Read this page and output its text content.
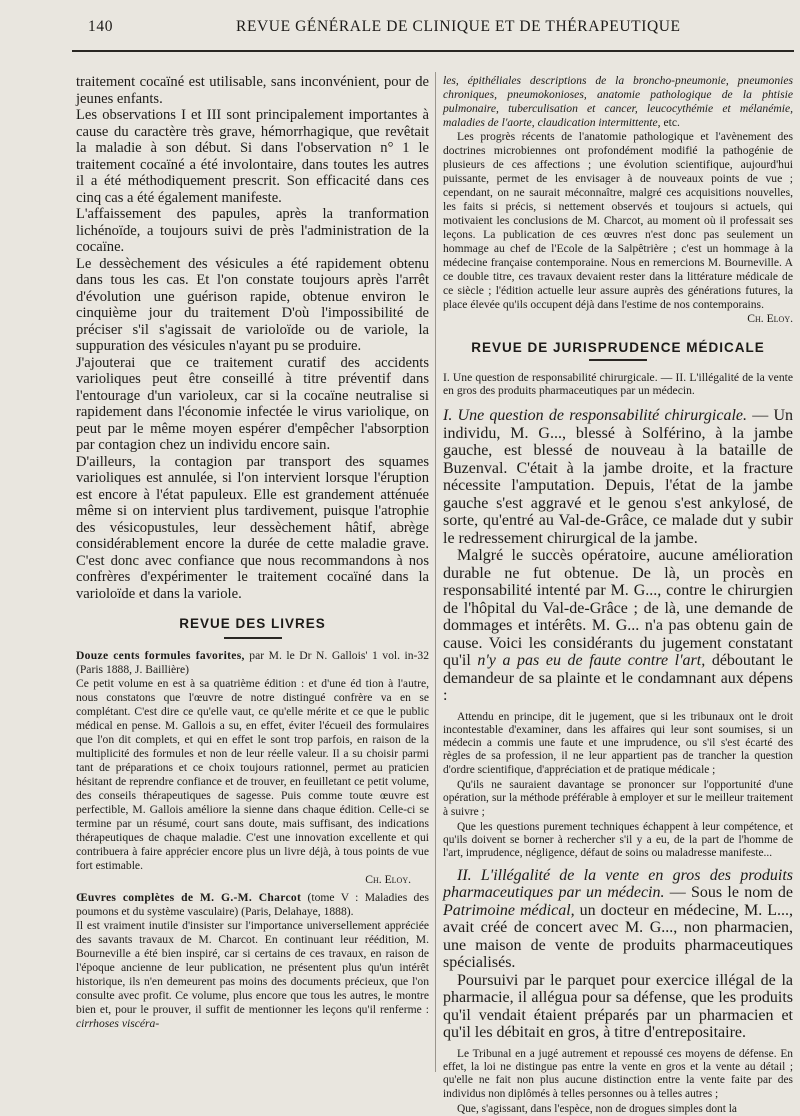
140	REVUE GÉNÉRALE DE CLINIQUE ET DE THÉRAPEUTIQUE

traitement cocaïné est utilisable, sans inconvénient, pour de jeunes enfants.

Les observations I et III sont principalement importantes à cause du caractère très grave, hémorrhagique, que revêtait la maladie à son début. Si dans l'observation n° 1 le traitement cocaïné a été involontaire, dans toutes les autres il a été méthodiquement prescrit. Son efficacité dans ces cinq cas a été également manifeste.

L'affaissement des papules, après la tranformation lichénoïde, a toujours suivi de près l'administration de la cocaïne.

Le dessèchement des vésicules a été rapidement obtenu dans tous les cas. Et l'on constate toujours après l'arrêt d'évolution une guérison rapide, obtenue environ le cinquième jour du traitement D'où l'impossibilité de préciser s'il s'agissait de varioloïde ou de variole, la suppuration des vésicules n'ayant pu se produire.

J'ajouterai que ce traitement curatif des accidents varioliques peut être conseillé à titre préventif dans l'entourage d'un varioleux, car si la cocaïne neutralise si rapidement dans l'économie infectée le virus variolique, on peut par le même moyen espérer d'empêcher l'absorption par contagion chez un individu encore sain.

D'ailleurs, la contagion par transport des squames varioliques est annulée, si l'on intervient lorsque l'éruption est encore à l'état papuleux. Elle est grandement atténuée même si on intervient plus tardivement, puisque l'atrophie des vésicopustules, leur dessèchement hâtif, abrège considérablement encore la durée de cette maladie grave. C'est donc avec confiance que nous recommandons à nos confrères d'expérimenter le traitement cocaïné dans la varioloïde et dans la variole.

REVUE DES LIVRES

Douze cents formules favorites, par M. le Dr N. Gallois' 1 vol. in-32 (Paris 1888, J. Baillière)

Ce petit volume en est à sa quatrième édition : et d'une éd tion à l'autre, nous constatons que l'œuvre de notre distingué confrère va en se complétant. C'est dire ce qu'elle vaut, ce qu'elle mérite et ce que le public médical en pense. M. Gallois a su, en effet, éviter l'écueil des formulaires que l'on dit complets, et qui en effet le sont trop parfois, en raison de la multiplicité des formules et non de leur réelle valeur. Il a su choisir parmi tant de préparations et ce choix toujours rationnel, permet au praticien hésitant de reprendre confiance et de trouver, en feuilletant ce petit volume, des conseils thérapeutiques de sagesse. Puis comme toute œuvre est perfectible, M. Gallois améliore la sienne dans chaque édition. Celle-ci se termine par un résumé, court sans doute, mais suffisant, des indications thérapeutiques de chaque maladie. C'est une innovation excellente et qui contribuera à faire apprécier encore plus un livre déjà, à tous points de vue fort estimable.

Ch. Eloy.

Œuvres complètes de M. G.-M. Charcot (tome V : Maladies des poumons et du système vasculaire) (Paris, Delahaye, 1888).

Il est vraiment inutile d'insister sur l'importance universellement appréciée des savants travaux de M. Charcot. En continuant leur réédition, M. Bourneville a été bien inspiré, car si certains de ces travaux, en raison de l'époque ancienne de leur publication, ne présentent plus qu'un intérêt historique, ils n'en demeurent pas moins des documents précieux, que l'on consulte avec profit. Ce volume, plus encore que tous les autres, le montre bien et, pour le prouver, il suffit de mentionner les leçons qu'il renferme : cirrhoses viscéra-

les, épithéliales descriptions de la broncho-pneumonie, pneumonies chroniques, pneumokonioses, anatomie pathologique de la phtisie pulmonaire, tuberculisation et cancer, leucocythémie et mélanémie, maladies de l'aorte, claudication intermittente, etc.

Les progrès récents de l'anatomie pathologique et l'avènement des doctrines microbiennes ont profondément modifié la pathogénie de plusieurs de ces affections ; une évolution scientifique, aujourd'hui puissante, permet de les envisager à de nouveaux points de vue ; cependant, on ne saurait méconnaître, malgré ces acquisitions nouvelles, les faits si précis, si nettement observés et toujours si actuels, qui motivaient les conclusions de M. Charcot, au moment où il professait ses leçons. La publication de ces œuvres n'est donc pas seulement un hommage au chef de l'Ecole de la Salpêtrière ; c'est un hommage à la médecine française contemporaine. Nous en remercions M. Bourneville. A ce double titre, ces travaux devaient rester dans la littérature médicale de ce siècle ; l'édition actuelle leur assure auprès des générations futures, la place élevée qu'ils occupent déjà dans l'estime de nos contemporains.
Ch. Eloy.

REVUE DE JURISPRUDENCE MÉDICALE

I. Une question de responsabilité chirurgicale. — II. L'illégalité de la vente en gros des produits pharmaceutiques par un médecin.

I. Une question de responsabilité chirurgicale. — Un individu, M. G..., blessé à Solférino, à la jambe gauche, est blessé de nouveau à la bataille de Buzenval. C'était à la jambe droite, et la fracture nécessite l'amputation. Depuis, l'état de la jambe gauche s'est aggravé et le genou s'est ankylosé, de sorte, qu'entré au Val-de-Grâce, ce malade dut y subir le redressement chirurgical de la jambe.

Malgré le succès opératoire, aucune amélioration durable ne fut obtenue. De là, un procès en responsabilité intenté par M. G..., contre le chirurgien de l'hôpital du Val-de-Grâce ; de là, une demande de dommages et intérêts. M. G... n'a pas obtenu gain de cause. Voici les considérants du jugement constatant qu'il n'y a pas eu de faute contre l'art, déboutant le demandeur de sa plainte et le condamnant aux dépens :

Attendu en principe, dit le jugement, que si les tribunaux ont le droit incontestable d'examiner, dans les affaires qui leur sont soumises, si un médecin a commis une faute et une imprudence, ou s'il s'est écarté des règles de sa profession, il ne leur appartient pas de trancher la question d'ordre scientifique, d'appréciation et de pratique médicale ;

Qu'ils ne sauraient davantage se prononcer sur l'opportunité d'une opération, sur la méthode préférable à employer et sur le meilleur traitement à suivre ;

Que les questions purement techniques échappent à leur compétence, et qu'ils doivent se borner à rechercher s'il y a eu, de la part de l'homme de l'art, imprudence, négligence, défaut de soins ou maladresse manifeste...

II. L'illégalité de la vente en gros des produits pharmaceutiques par un médecin. — Sous le nom de Patrimoine médical, un docteur en médecine, M. L..., avait créé de concert avec M. G..., non pharmacien, une maison de vente de produits pharmaceutiques spécialisés.

Poursuivi par le parquet pour exercice illégal de la pharmacie, il allégua pour sa défense, que les produits qu'il vendait étaient préparés par un pharmacien et qu'il les débitait en gros, à titre d'entrepositaire.

Le Tribunal en a jugé autrement et repoussé ces moyens de défense. En effet, la loi ne distingue pas entre la vente en gros et la vente au détail ; qu'elle ne fait non plus aucune distinction entre la vente faite par des individus non diplômés à telles personnes ou à telles autres ;

Que, s'agissant, dans l'espèce, non de drogues simples dont la
